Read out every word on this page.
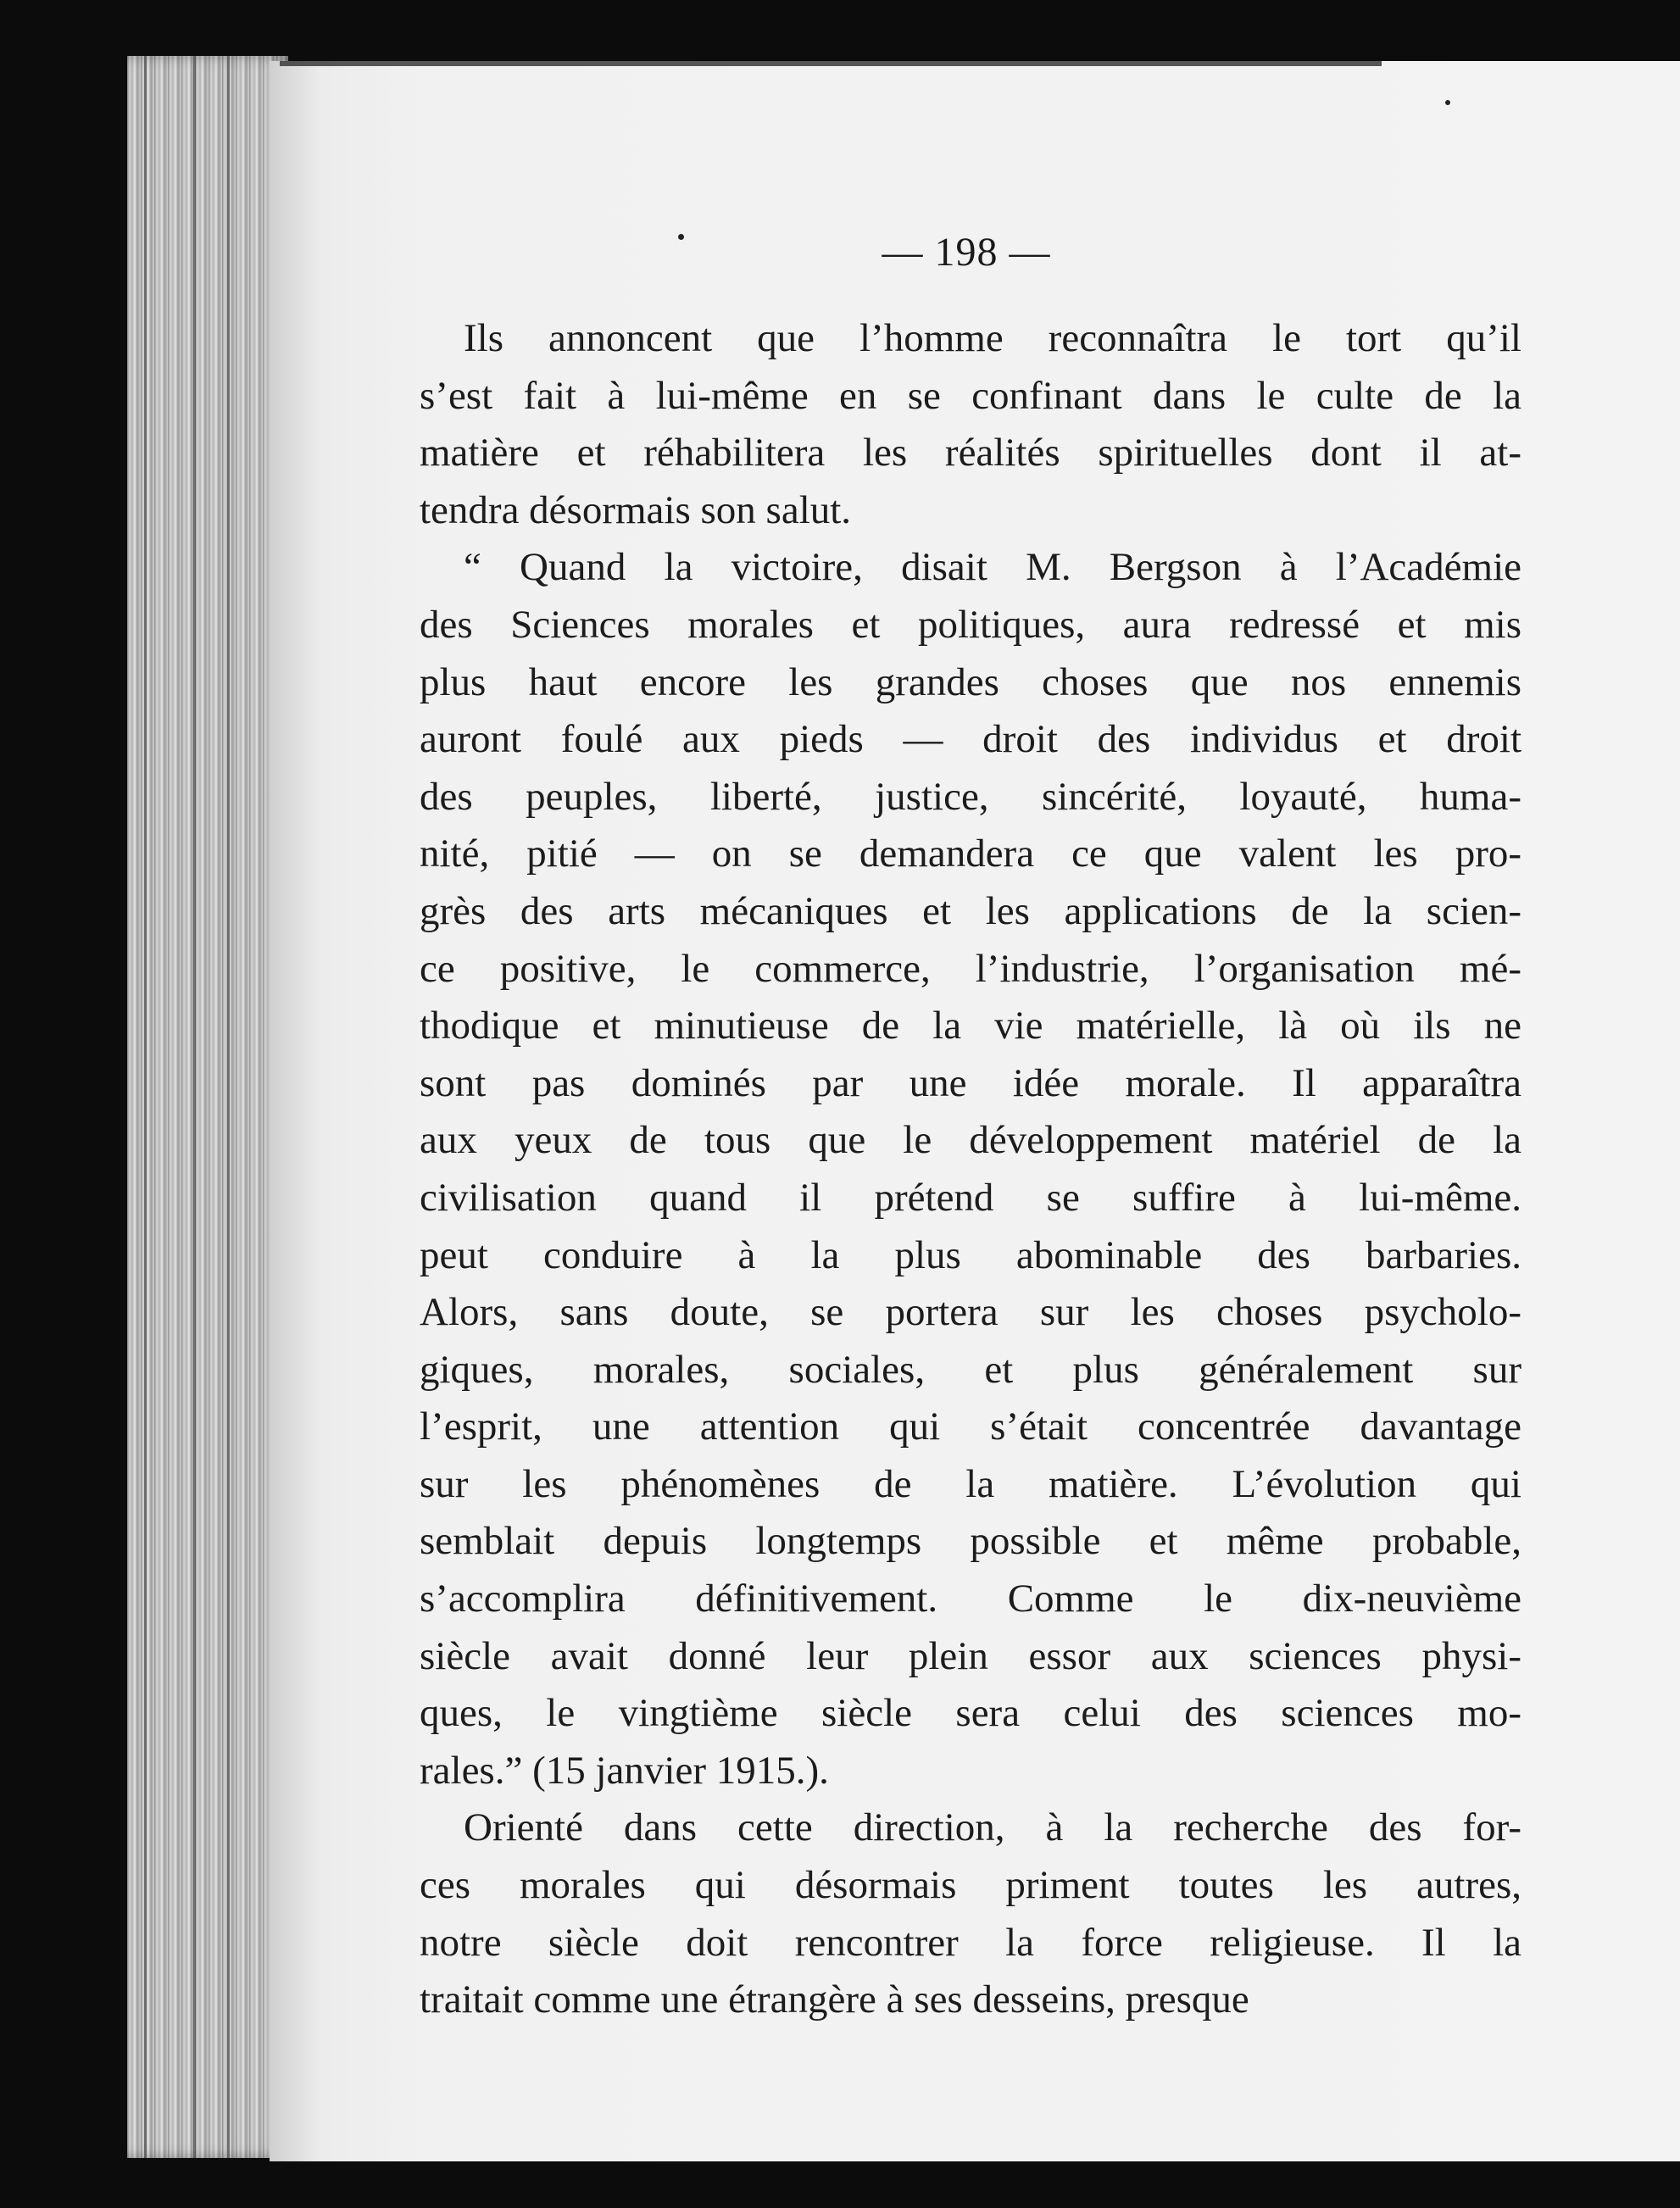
— 198 —

Ils annoncent que l’homme reconnaîtra le tort qu’il
s’est fait à lui-même en se confinant dans le culte de la
matière et réhabilitera les réalités spirituelles dont il at-
tendra désormais son salut.

“ Quand la victoire, disait M. Bergson à l’Académie
des Sciences morales et politiques, aura redressé et mis
plus haut encore les grandes choses que nos ennemis
auront foulé aux pieds — droit des individus et droit
des peuples, liberté, justice, sincérité, loyauté, huma-
nité, pitié — on se demandera ce que valent les pro-
grès des arts mécaniques et les applications de la scien-
ce positive, le commerce, l’industrie, l’organisation mé-
thodique et minutieuse de la vie matérielle, là où ils ne
sont pas dominés par une idée morale. Il apparaîtra
aux yeux de tous que le développement matériel de la
civilisation quand il prétend se suffire à lui-même.
peut conduire à la plus abominable des barbaries.
Alors, sans doute, se portera sur les choses psycholo-
giques, morales, sociales, et plus généralement sur
l’esprit, une attention qui s’était concentrée davantage
sur les phénomènes de la matière. L’évolution qui
semblait depuis longtemps possible et même probable,
s’accomplira définitivement. Comme le dix-neuvième
siècle avait donné leur plein essor aux sciences physi-
ques, le vingtième siècle sera celui des sciences mo-
rales.” (15 janvier 1915.).

Orienté dans cette direction, à la recherche des for-
ces morales qui désormais priment toutes les autres,
notre siècle doit rencontrer la force religieuse. Il la
traitait comme une étrangère à ses desseins, presque
